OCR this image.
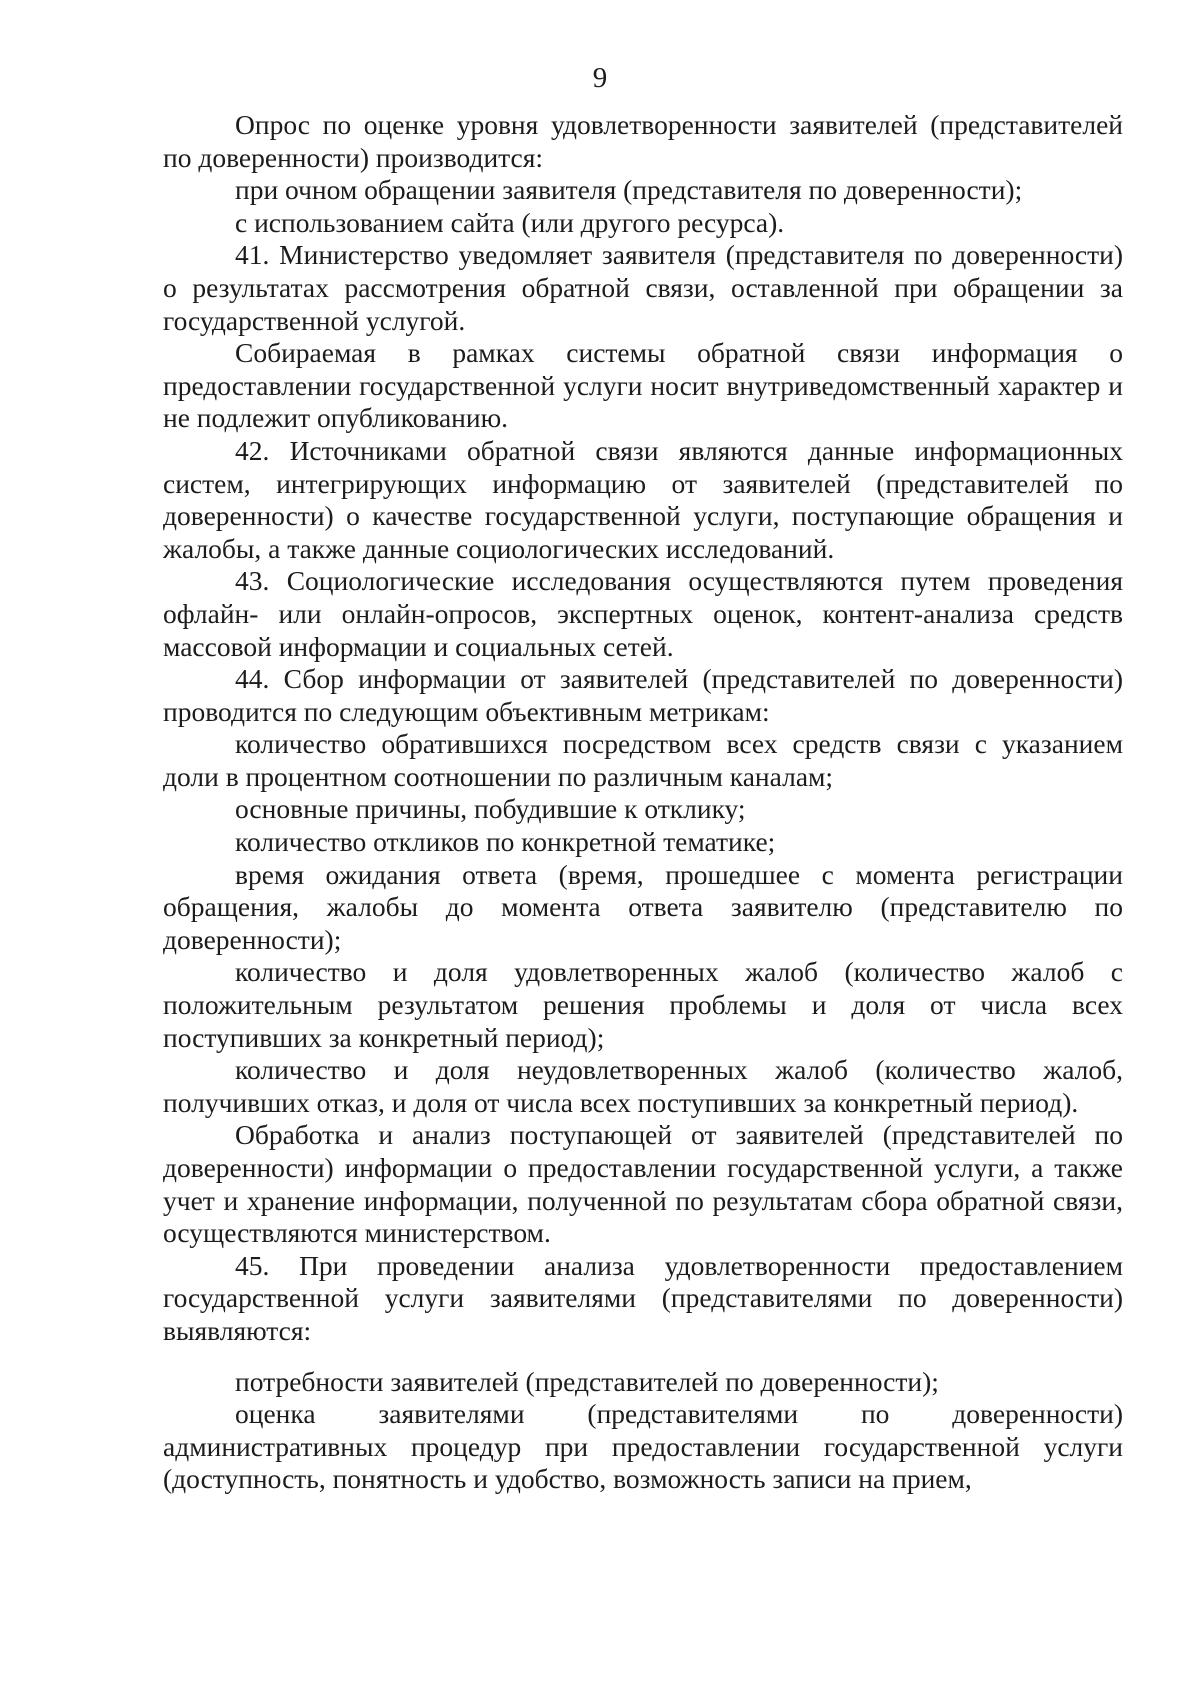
9

Опрос по оценке уровня удовлетворенности заявителей (представителей по доверенности) производится:

при очном обращении заявителя (представителя по доверенности);

с использованием сайта (или другого ресурса).

41. Министерство уведомляет заявителя (представителя по доверенности) о результатах рассмотрения обратной связи, оставленной при обращении за государственной услугой.

Собираемая в рамках системы обратной связи информация о предоставлении государственной услуги носит внутриведомственный характер и не подлежит опубликованию.

42. Источниками обратной связи являются данные информационных систем, интегрирующих информацию от заявителей (представителей по доверенности) о качестве государственной услуги, поступающие обращения и жалобы, а также данные социологических исследований.

43. Социологические исследования осуществляются путем проведения офлайн- или онлайн-опросов, экспертных оценок, контент-анализа средств массовой информации и социальных сетей.

44. Сбор информации от заявителей (представителей по доверенности) проводится по следующим объективным метрикам:

количество обратившихся посредством всех средств связи с указанием доли в процентном соотношении по различным каналам;

основные причины, побудившие к отклику;

количество откликов по конкретной тематике;

время ожидания ответа (время, прошедшее с момента регистрации обращения, жалобы до момента ответа заявителю (представителю по доверенности);

количество и доля удовлетворенных жалоб (количество жалоб с положительным результатом решения проблемы и доля от числа всех поступивших за конкретный период);

количество и доля неудовлетворенных жалоб (количество жалоб, получивших отказ, и доля от числа всех поступивших за конкретный период).

Обработка и анализ поступающей от заявителей (представителей по доверенности) информации о предоставлении государственной услуги, а также учет и хранение информации, полученной по результатам сбора обратной связи, осуществляются министерством.

45. При проведении анализа удовлетворенности предоставлением государственной услуги заявителями (представителями по доверенности) выявляются:

потребности заявителей (представителей по доверенности);

оценка заявителями (представителями по доверенности) административных процедур при предоставлении государственной услуги (доступность, понятность и удобство, возможность записи на прием,
